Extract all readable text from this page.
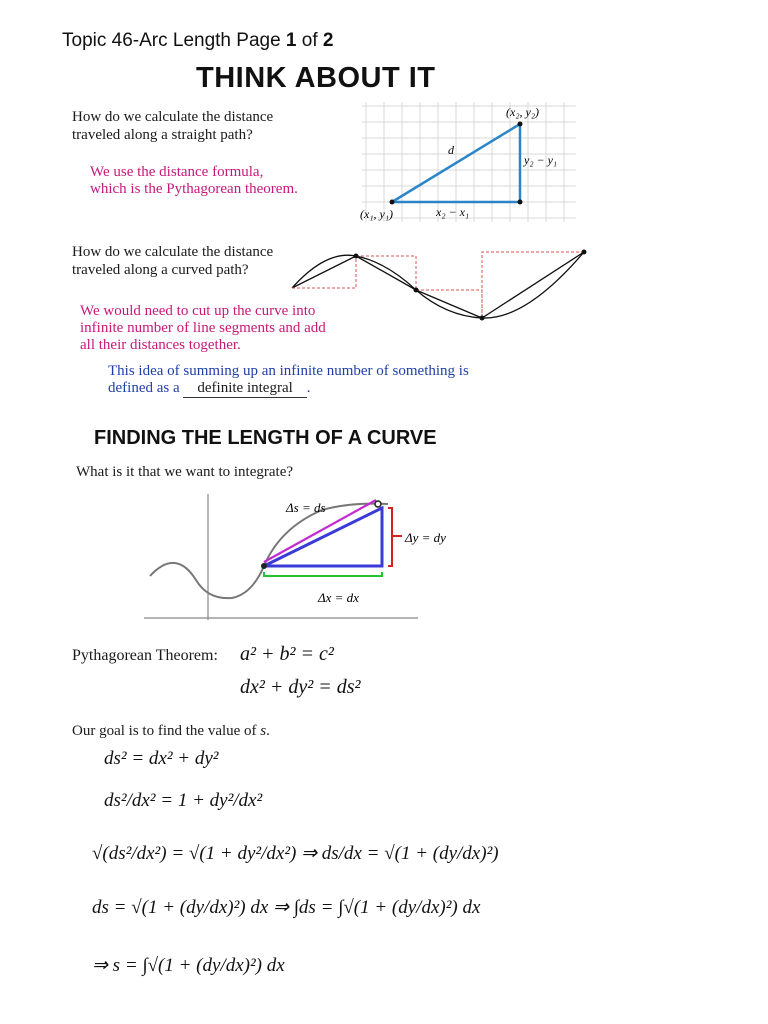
Topic 46-Arc Length Page 1 of 2
THINK ABOUT IT
How do we calculate the distance
traveled along a straight path?
We use the distance formula,
which is the Pythagorean theorem.
d
(x₂, y₂)
(x₁, y₁)	x₂ − x₁
y₂ − y₁
How do we calculate the distance
traveled along a curved path?
We would need to cut up the curve into
infinite number of line segments and add
all their distances together.
This idea of summing up an infinite number of something is
defined as a definite integral .
FINDING THE LENGTH OF A CURVE
What is it that we want to integrate?
Δs = ds
Δy = dy
Δx = dx
Pythagorean Theorem: a² + b² = c²
dx² + dy² = ds²
Our goal is to find the value of s.
ds² = dx² + dy²
ds²/dx² = 1 + dy²/dx²
√(ds²/dx²) = √(1 + dy²/dx²) ⇒ ds/dx = √(1 + (dy/dx)²)
ds = √(1 + (dy/dx)²) dx ⇒ ∫ds = ∫√(1 + (dy/dx)²) dx
⇒ s = ∫√(1 + (dy/dx)²) dx
